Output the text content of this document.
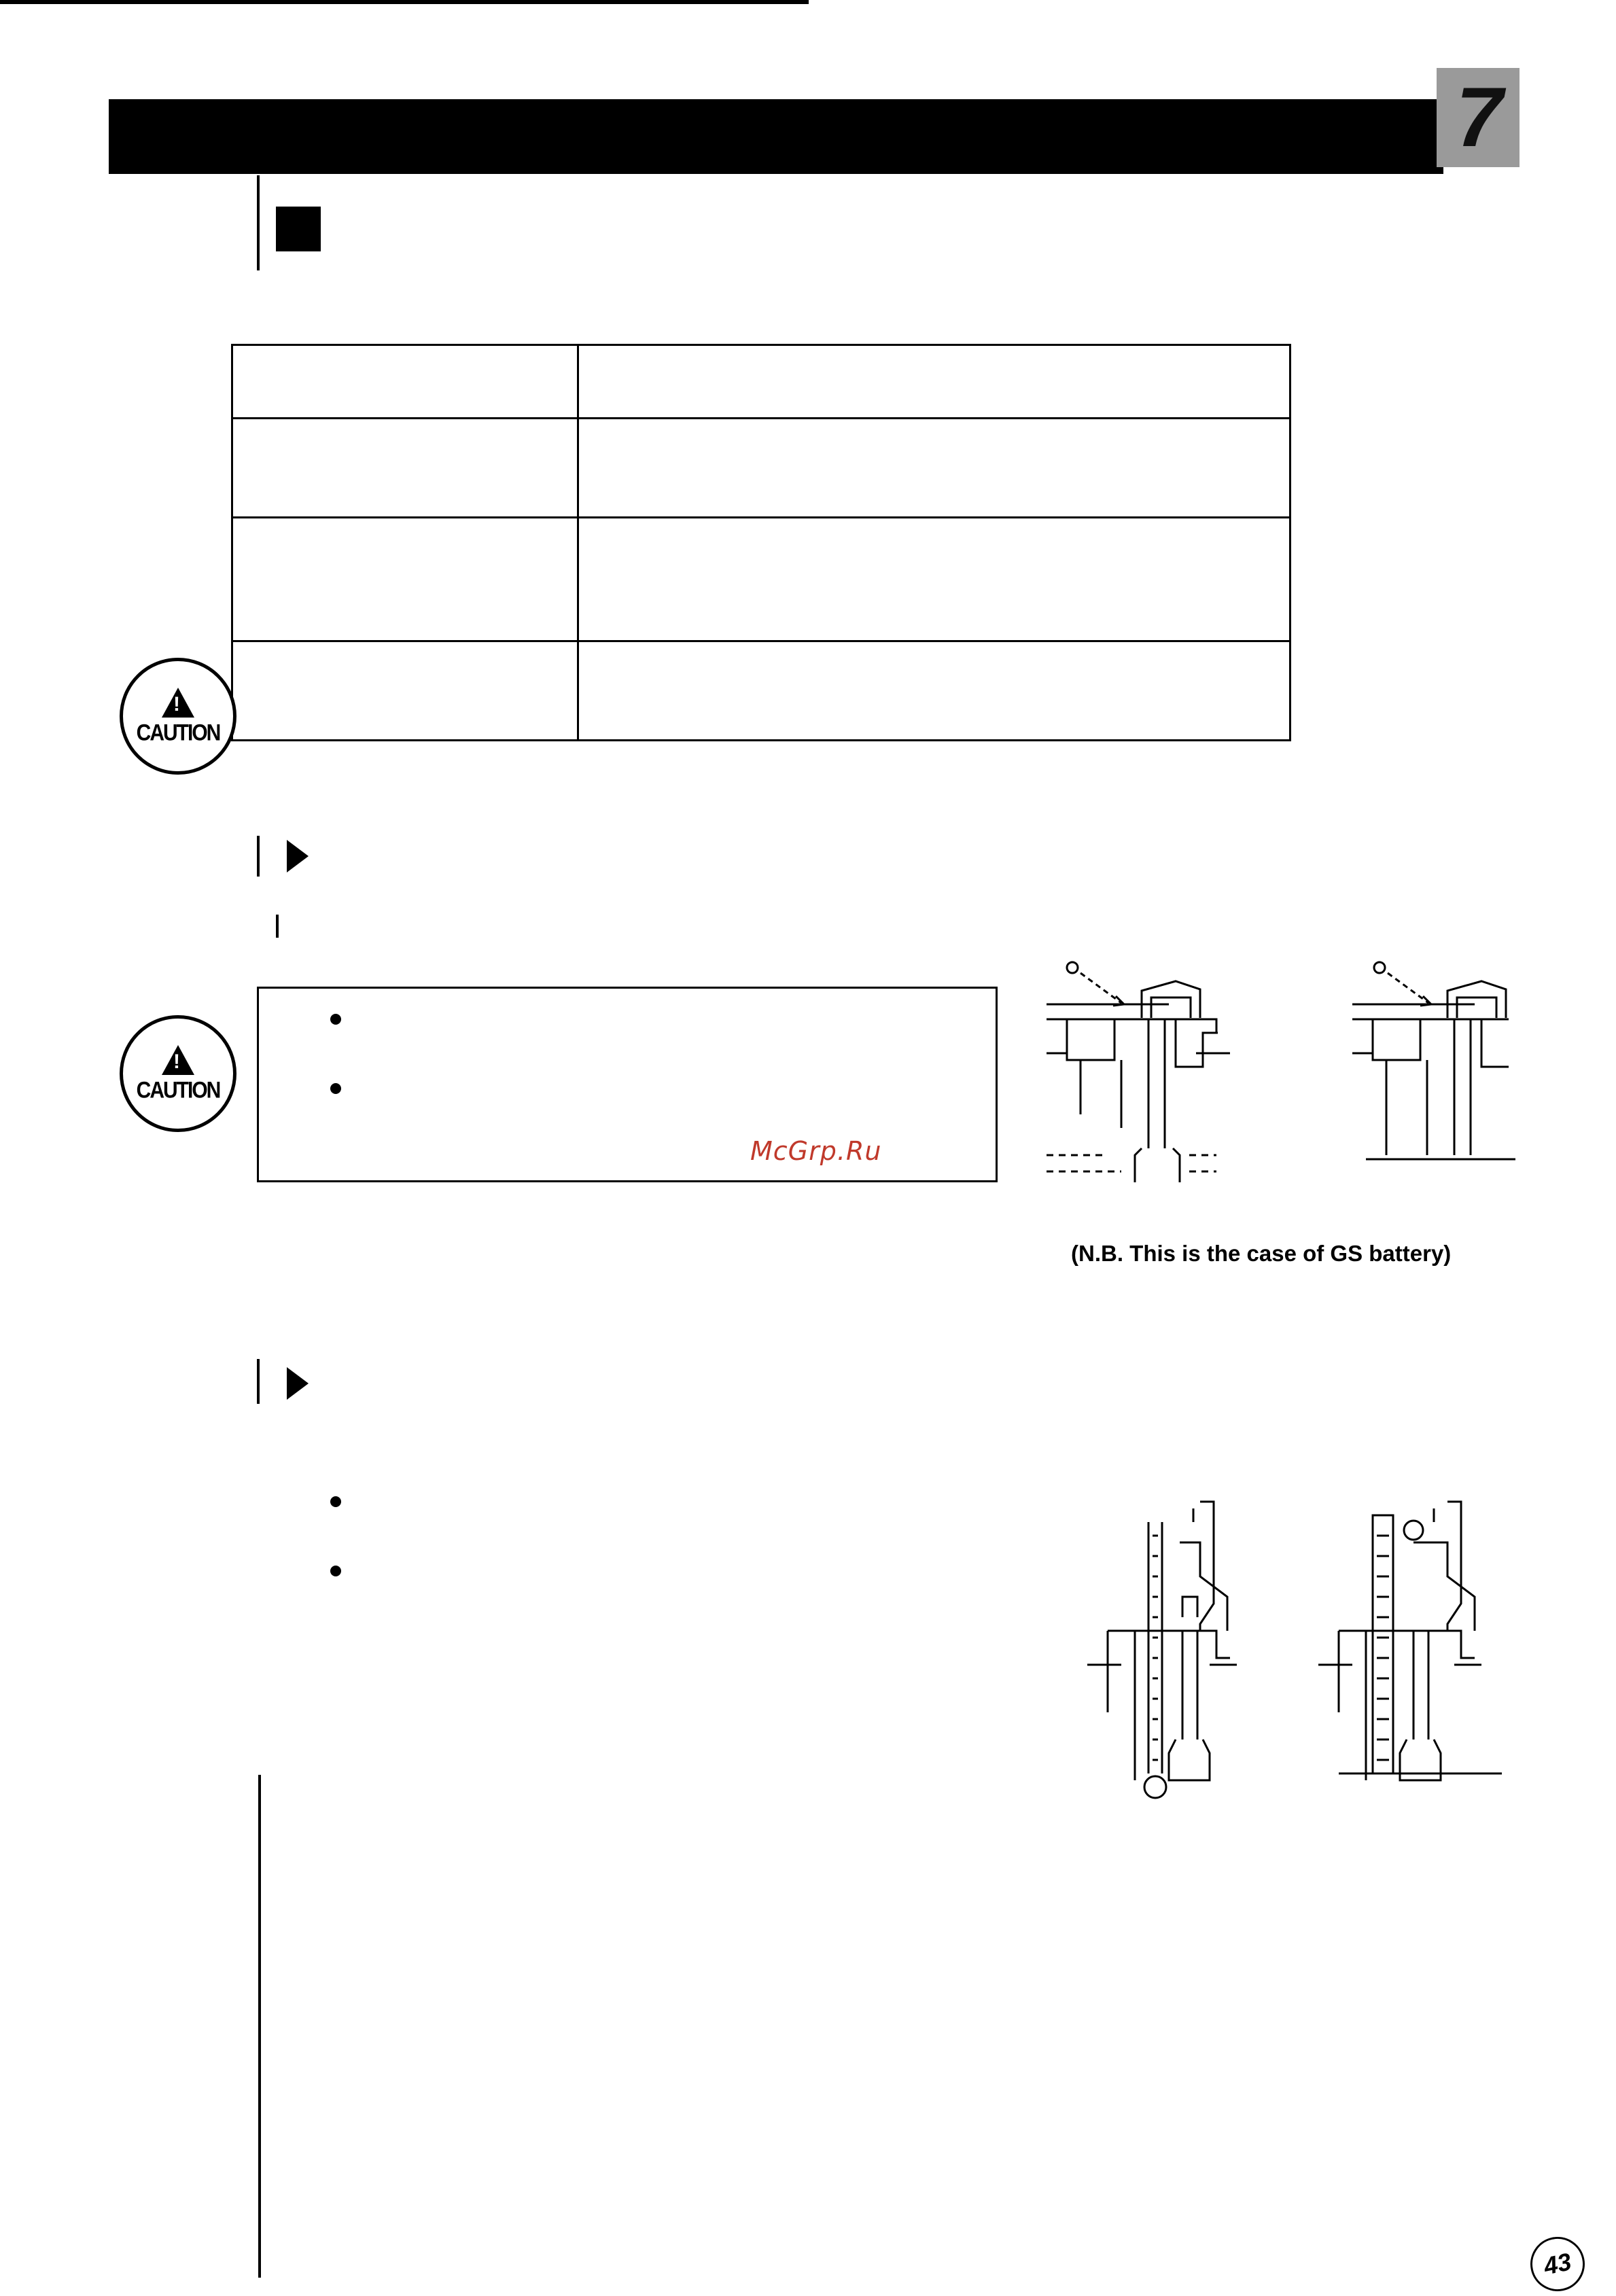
7

!
CAUTION
McGrp.Ru
!
CAUTION
(N.B. This is the case of GS battery)
43
